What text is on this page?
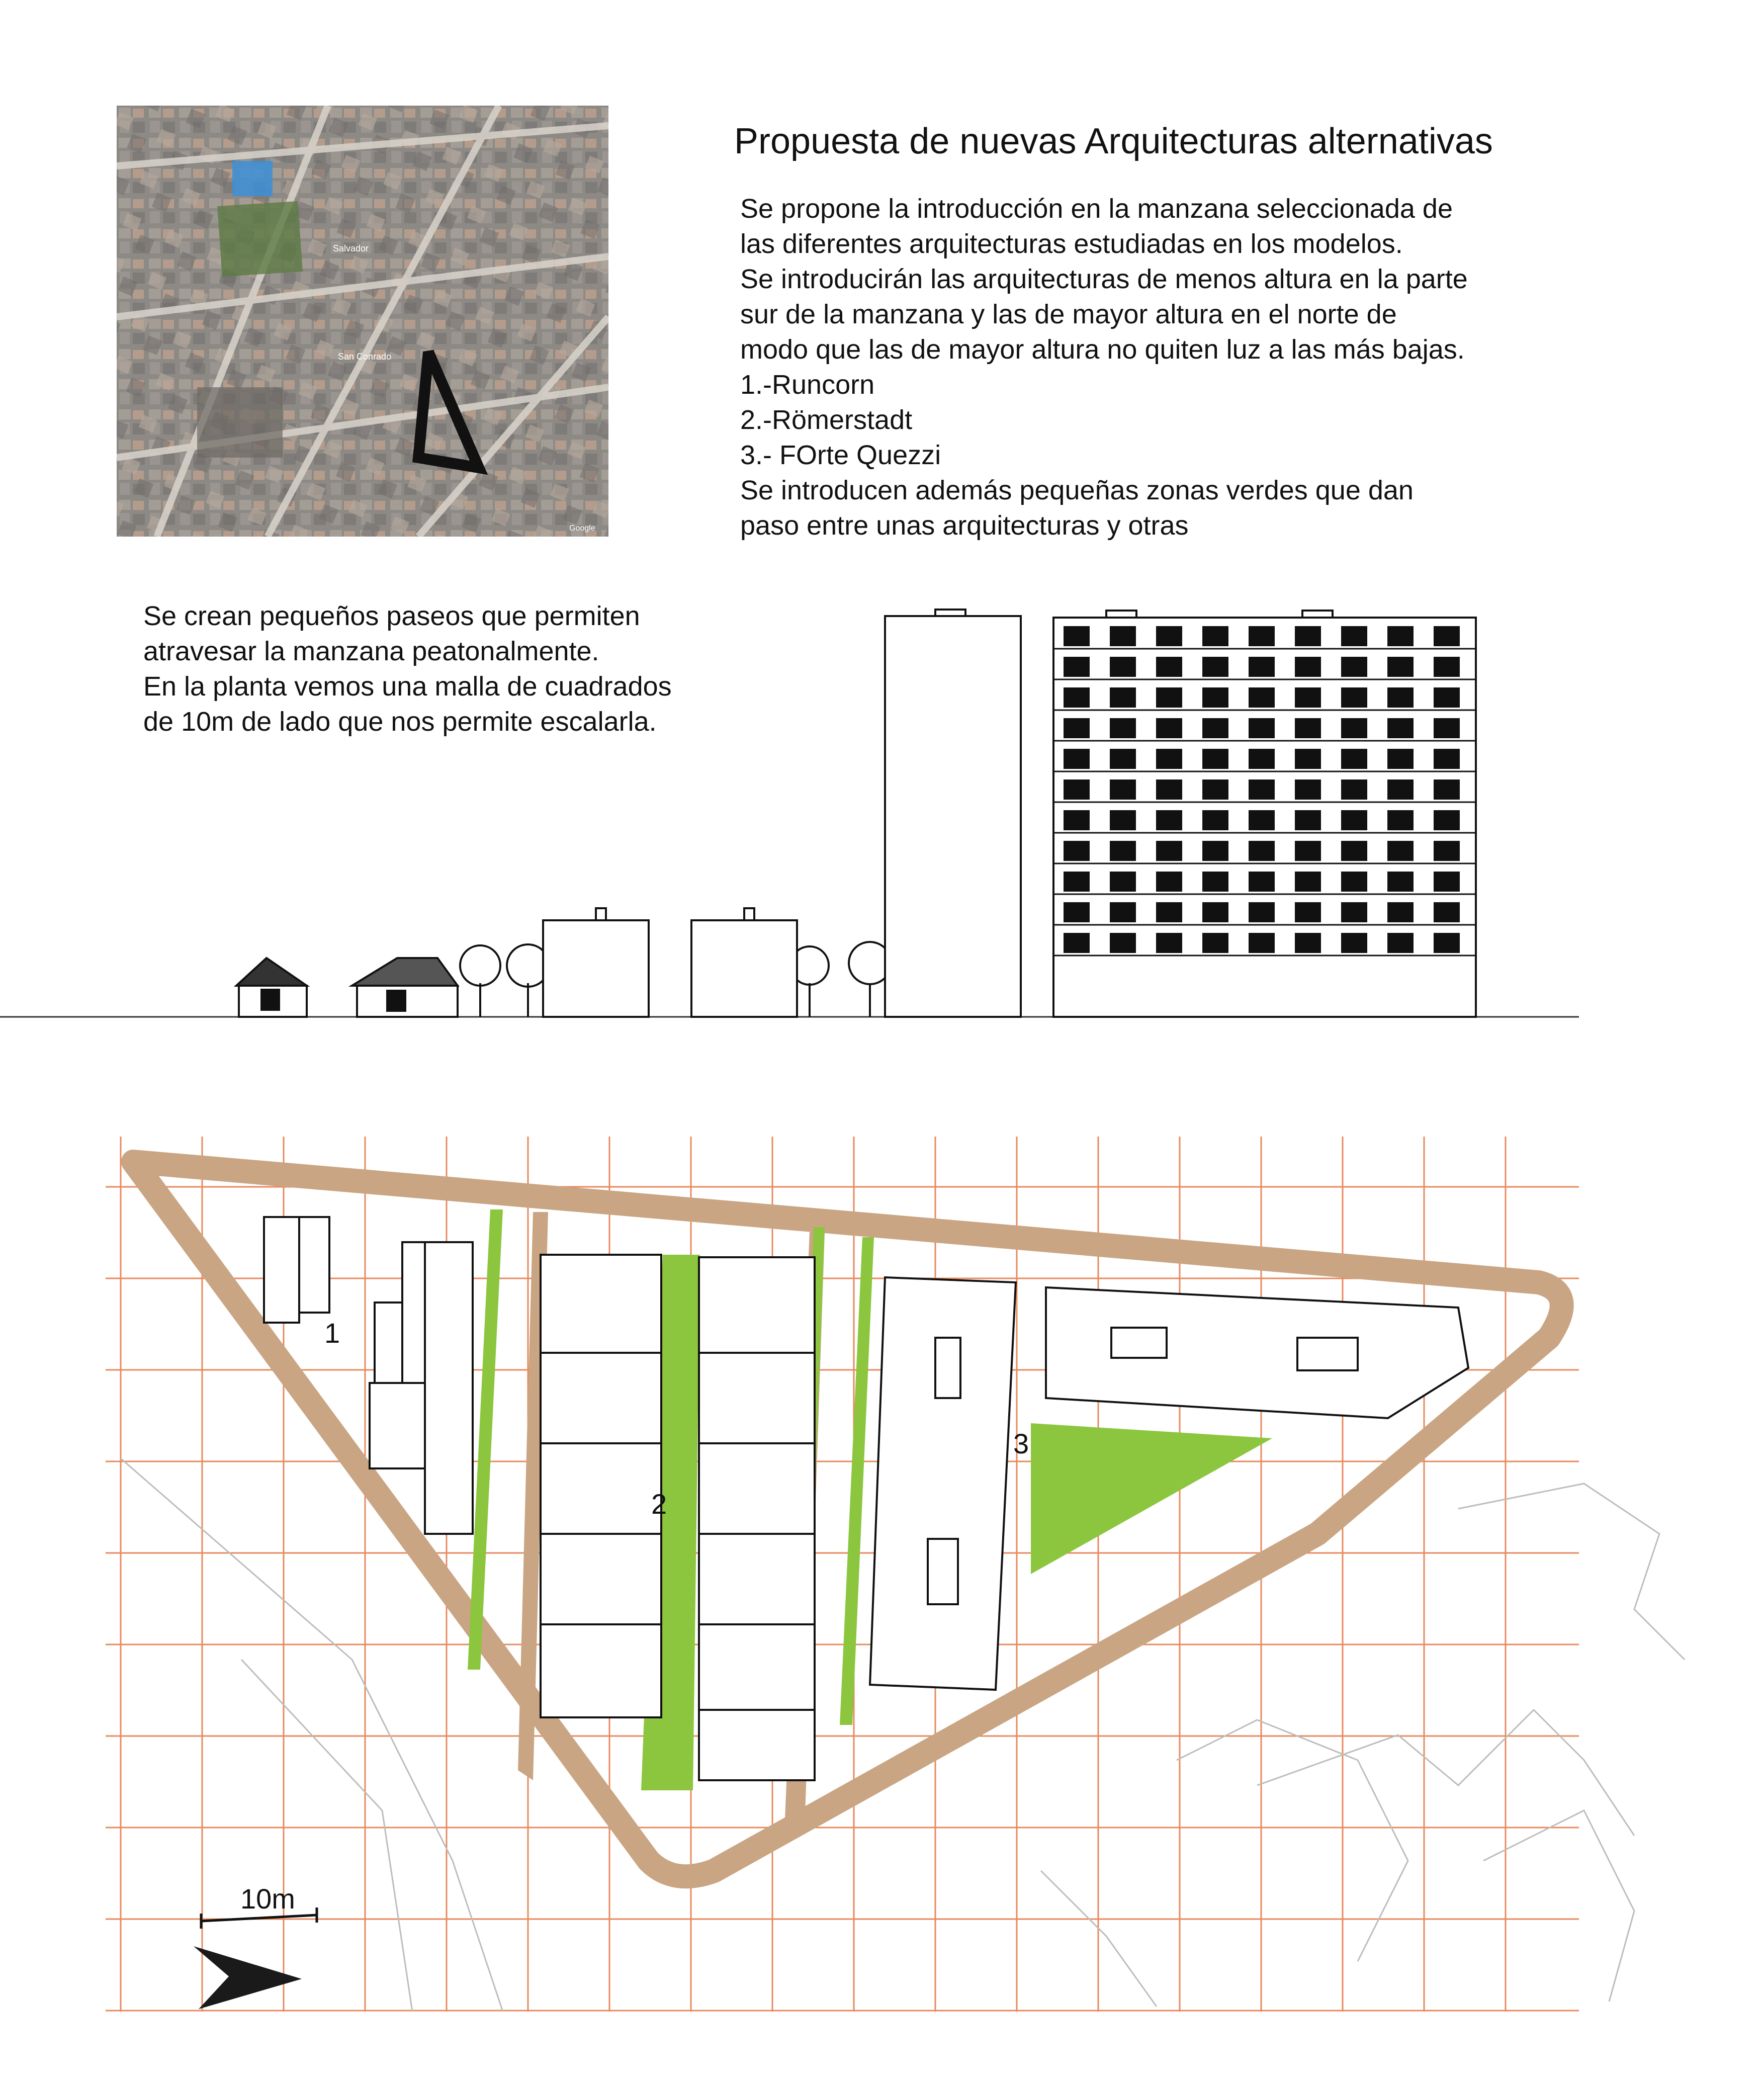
Propuesta de nuevas Arquitecturas alternativas
Se propone la introducción en la manzana seleccionada de
las diferentes arquitecturas estudiadas en los modelos.
Se introducirán las arquitecturas de menos altura en la parte
sur de la manzana y las de mayor altura en el norte de
modo que las de mayor altura no quiten luz a las más bajas.
1.-Runcorn
2.-Römerstadt
3.- FOrte Quezzi
Se introducen además pequeñas zonas verdes que dan
paso entre unas arquitecturas y otras
Se crean pequeños paseos que permiten
atravesar la manzana peatonalmente.
En la planta vemos una malla de cuadrados
de 10m de lado que nos permite escalarla.
Salvador
San Conrado
Google
1
2
3
10m
